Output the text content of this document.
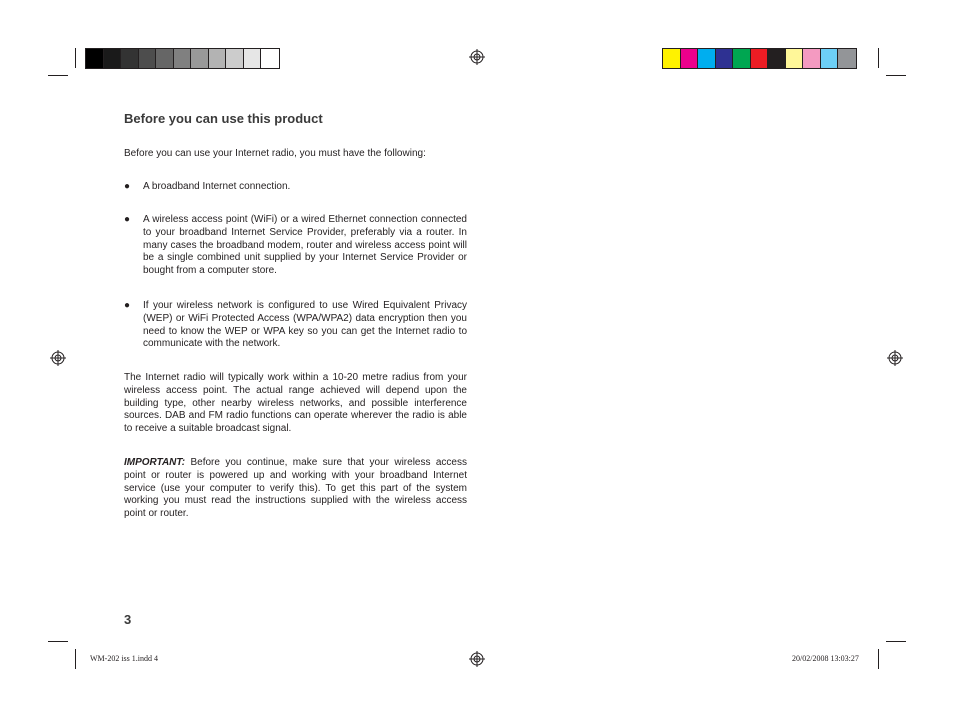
Before you can use this product
Before you can use your Internet radio, you must have the following:
● A broadband Internet connection.
● A wireless access point (WiFi) or a wired Ethernet connection connected to your broadband Internet Service Provider, preferably via a router. In many cases the broadband modem, router and wireless access point will be a single combined unit supplied by your Internet Service Provider or bought from a computer store.
● If your wireless network is configured to use Wired Equivalent Privacy (WEP) or WiFi Protected Access (WPA/WPA2) data encryption then you need to know the WEP or WPA key so you can get the Internet radio to communicate with the network.
The Internet radio will typically work within a 10-20 metre radius from your wireless access point. The actual range achieved will depend upon the building type, other nearby wireless networks, and possible interference sources. DAB and FM radio functions can operate wherever the radio is able to receive a suitable broadcast signal.
IMPORTANT: Before you continue, make sure that your wireless access point or router is powered up and working with your broadband Internet service (use your computer to verify this). To get this part of the system working you must read the instructions supplied with the wireless access point or router.
3
WM-202 iss 1.indd 4	20/02/2008 13:03:27
